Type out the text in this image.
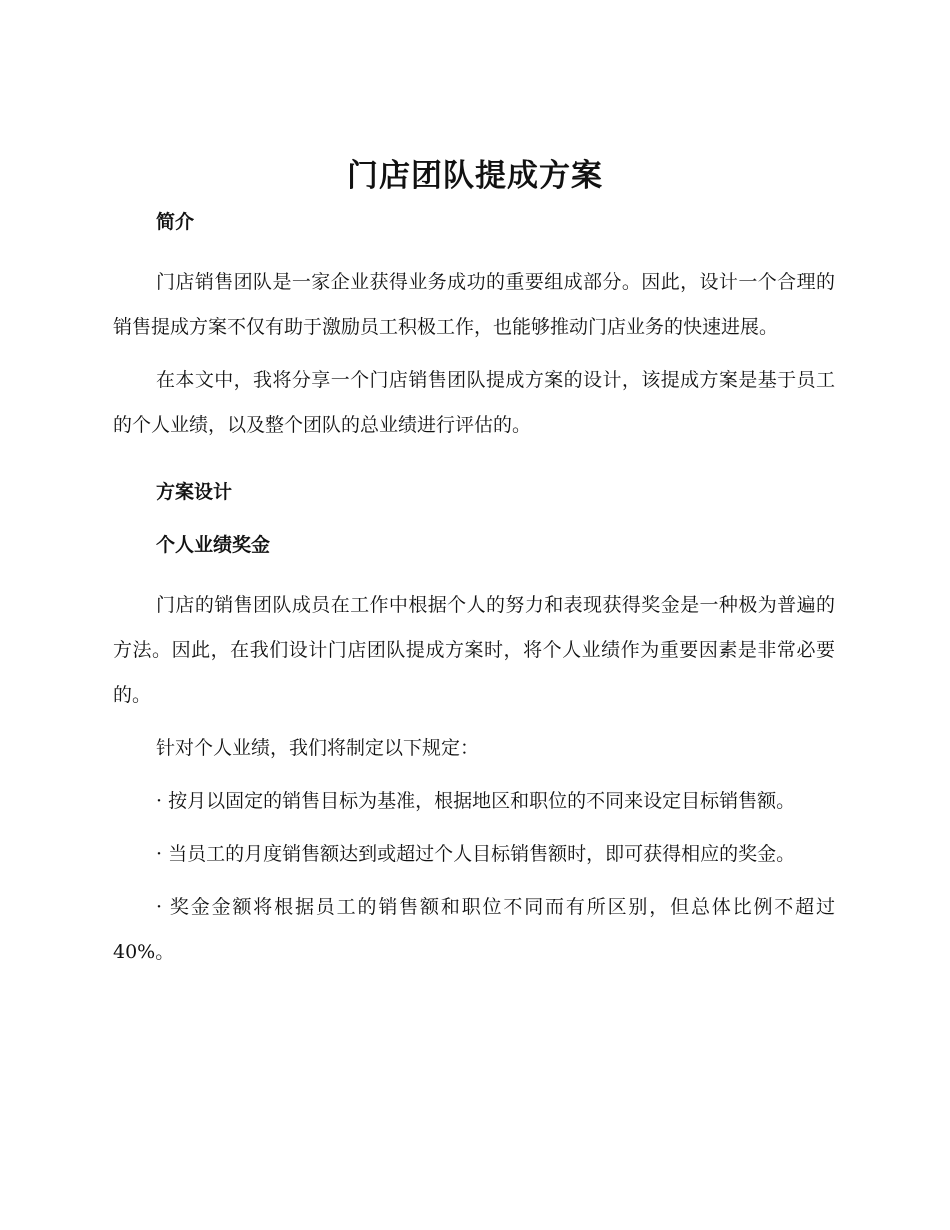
门店团队提成方案

简介

门店销售团队是一家企业获得业务成功的重要组成部分。因此，设计一个合理的销售提成方案不仅有助于激励员工积极工作，也能够推动门店业务的快速进展。

在本文中，我将分享一个门店销售团队提成方案的设计，该提成方案是基于员工的个人业绩，以及整个团队的总业绩进行评估的。

方案设计

个人业绩奖金

门店的销售团队成员在工作中根据个人的努力和表现获得奖金是一种极为普遍的方法。因此，在我们设计门店团队提成方案时，将个人业绩作为重要因素是非常必要的。

针对个人业绩，我们将制定以下规定：

· 按月以固定的销售目标为基准，根据地区和职位的不同来设定目标销售额。

· 当员工的月度销售额达到或超过个人目标销售额时，即可获得相应的奖金。

· 奖金金额将根据员工的销售额和职位不同而有所区别，但总体比例不超过40%。
